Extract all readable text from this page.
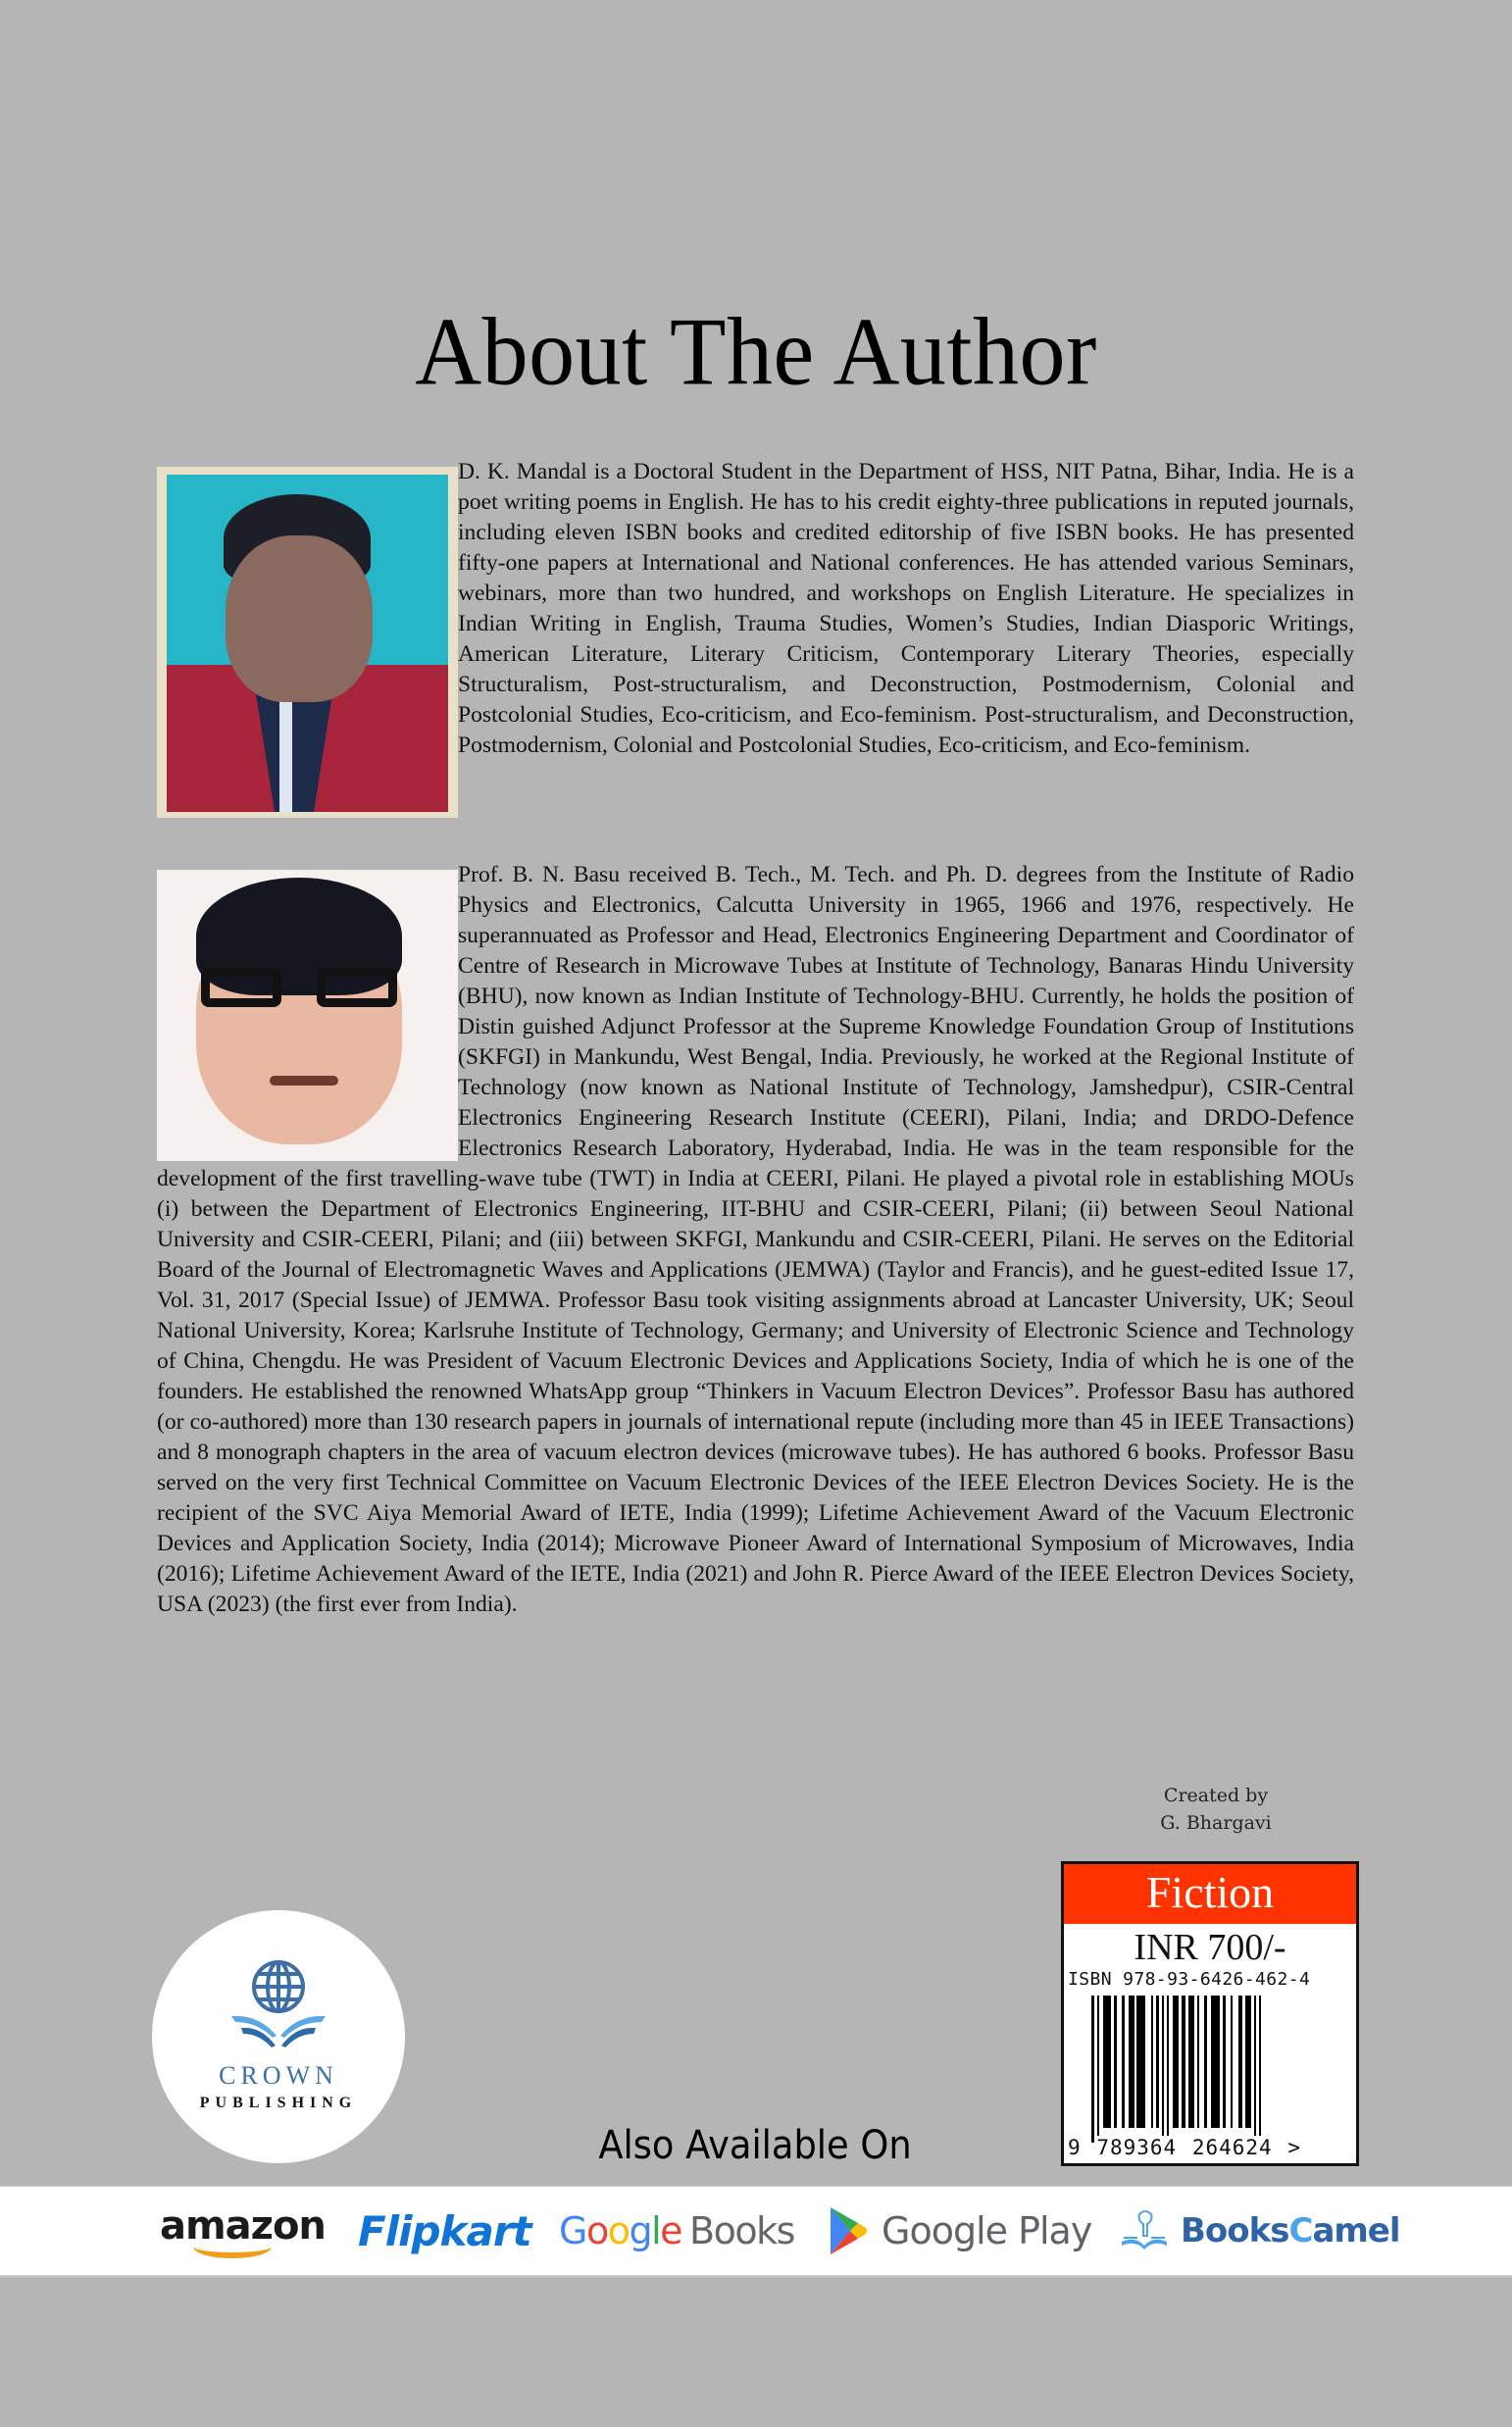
About The Author
D. K. Mandal is a Doctoral Student in the Department of HSS, NIT Patna, Bihar, India. He is a poet writing poems in English. He has to his credit eighty-three publications in reputed journals, including eleven ISBN books and credited editorship of five ISBN books. He has presented fifty-one papers at International and National conferences. He has attended various Seminars, webinars, more than two hundred, and workshops on English Literature. He specializes in Indian Writing in English, Trauma Studies, Women’s Studies, Indian Diasporic Writings, American Literature, Literary Criticism, Contemporary Literary Theories, especially Structuralism, Post-structuralism, and Deconstruction, Postmodernism, Colonial and Postcolonial Studies, Eco-criticism, and Eco-feminism. Post-structuralism, and Deconstruction, Postmodernism, Colonial and Postcolonial Studies, Eco-criticism, and Eco-feminism.
Prof. B. N. Basu received B. Tech., M. Tech. and Ph. D. degrees from the Institute of Radio Physics and Electronics, Calcutta University in 1965, 1966 and 1976, respectively. He superannuated as Professor and Head, Electronics Engineering Department and Coordinator of Centre of Research in Microwave Tubes at Institute of Technology, Banaras Hindu University (BHU), now known as Indian Institute of Technology-BHU. Currently, he holds the position of Distin guished Adjunct Professor at the Supreme Knowledge Foundation Group of Institutions (SKFGI) in Mankundu, West Bengal, India. Previously, he worked at the Regional Institute of Technology (now known as National Institute of Technology, Jamshedpur), CSIR-Central Electronics Engineering Research Institute (CEERI), Pilani, India; and DRDO-Defence Electronics Research Laboratory, Hyderabad, India. He was in the team responsible for the development of the first travelling-wave tube (TWT) in India at CEERI, Pilani. He played a pivotal role in establishing MOUs (i) between the Department of Electronics Engineering, IIT-BHU and CSIR-CEERI, Pilani; (ii) between Seoul National University and CSIR-CEERI, Pilani; and (iii) between SKFGI, Mankundu and CSIR-CEERI, Pilani. He serves on the Editorial Board of the Journal of Electromagnetic Waves and Applications (JEMWA) (Taylor and Francis), and he guest-edited Issue 17, Vol. 31, 2017 (Special Issue) of JEMWA. Professor Basu took visiting assignments abroad at Lancaster University, UK; Seoul National University, Korea; Karlsruhe Institute of Technology, Germany; and University of Electronic Science and Technology of China, Chengdu. He was President of Vacuum Electronic Devices and Applications Society, India of which he is one of the founders. He established the renowned WhatsApp group “Thinkers in Vacuum Electron Devices”. Professor Basu has authored (or co-authored) more than 130 research papers in journals of international repute (including more than 45 in IEEE Transactions) and 8 monograph chapters in the area of vacuum electron devices (microwave tubes). He has authored 6 books. Professor Basu served on the very first Technical Committee on Vacuum Electronic Devices of the IEEE Electron Devices Society. He is the recipient of the SVC Aiya Memorial Award of IETE, India (1999); Lifetime Achievement Award of the Vacuum Electronic Devices and Application Society, India (2014); Microwave Pioneer Award of International Symposium of Microwaves, India (2016); Lifetime Achievement Award of the IETE, India (2021) and John R. Pierce Award of the IEEE Electron Devices Society, USA (2023) (the first ever from India).
Created by
G. Bhargavi
Fiction
INR 700/-
ISBN 978-93-6426-462-4
9 789364 264624 >
CROWN
PUBLISHING
Also Available On
amazon Flipkart Google Books Google Play	BooksCamel
